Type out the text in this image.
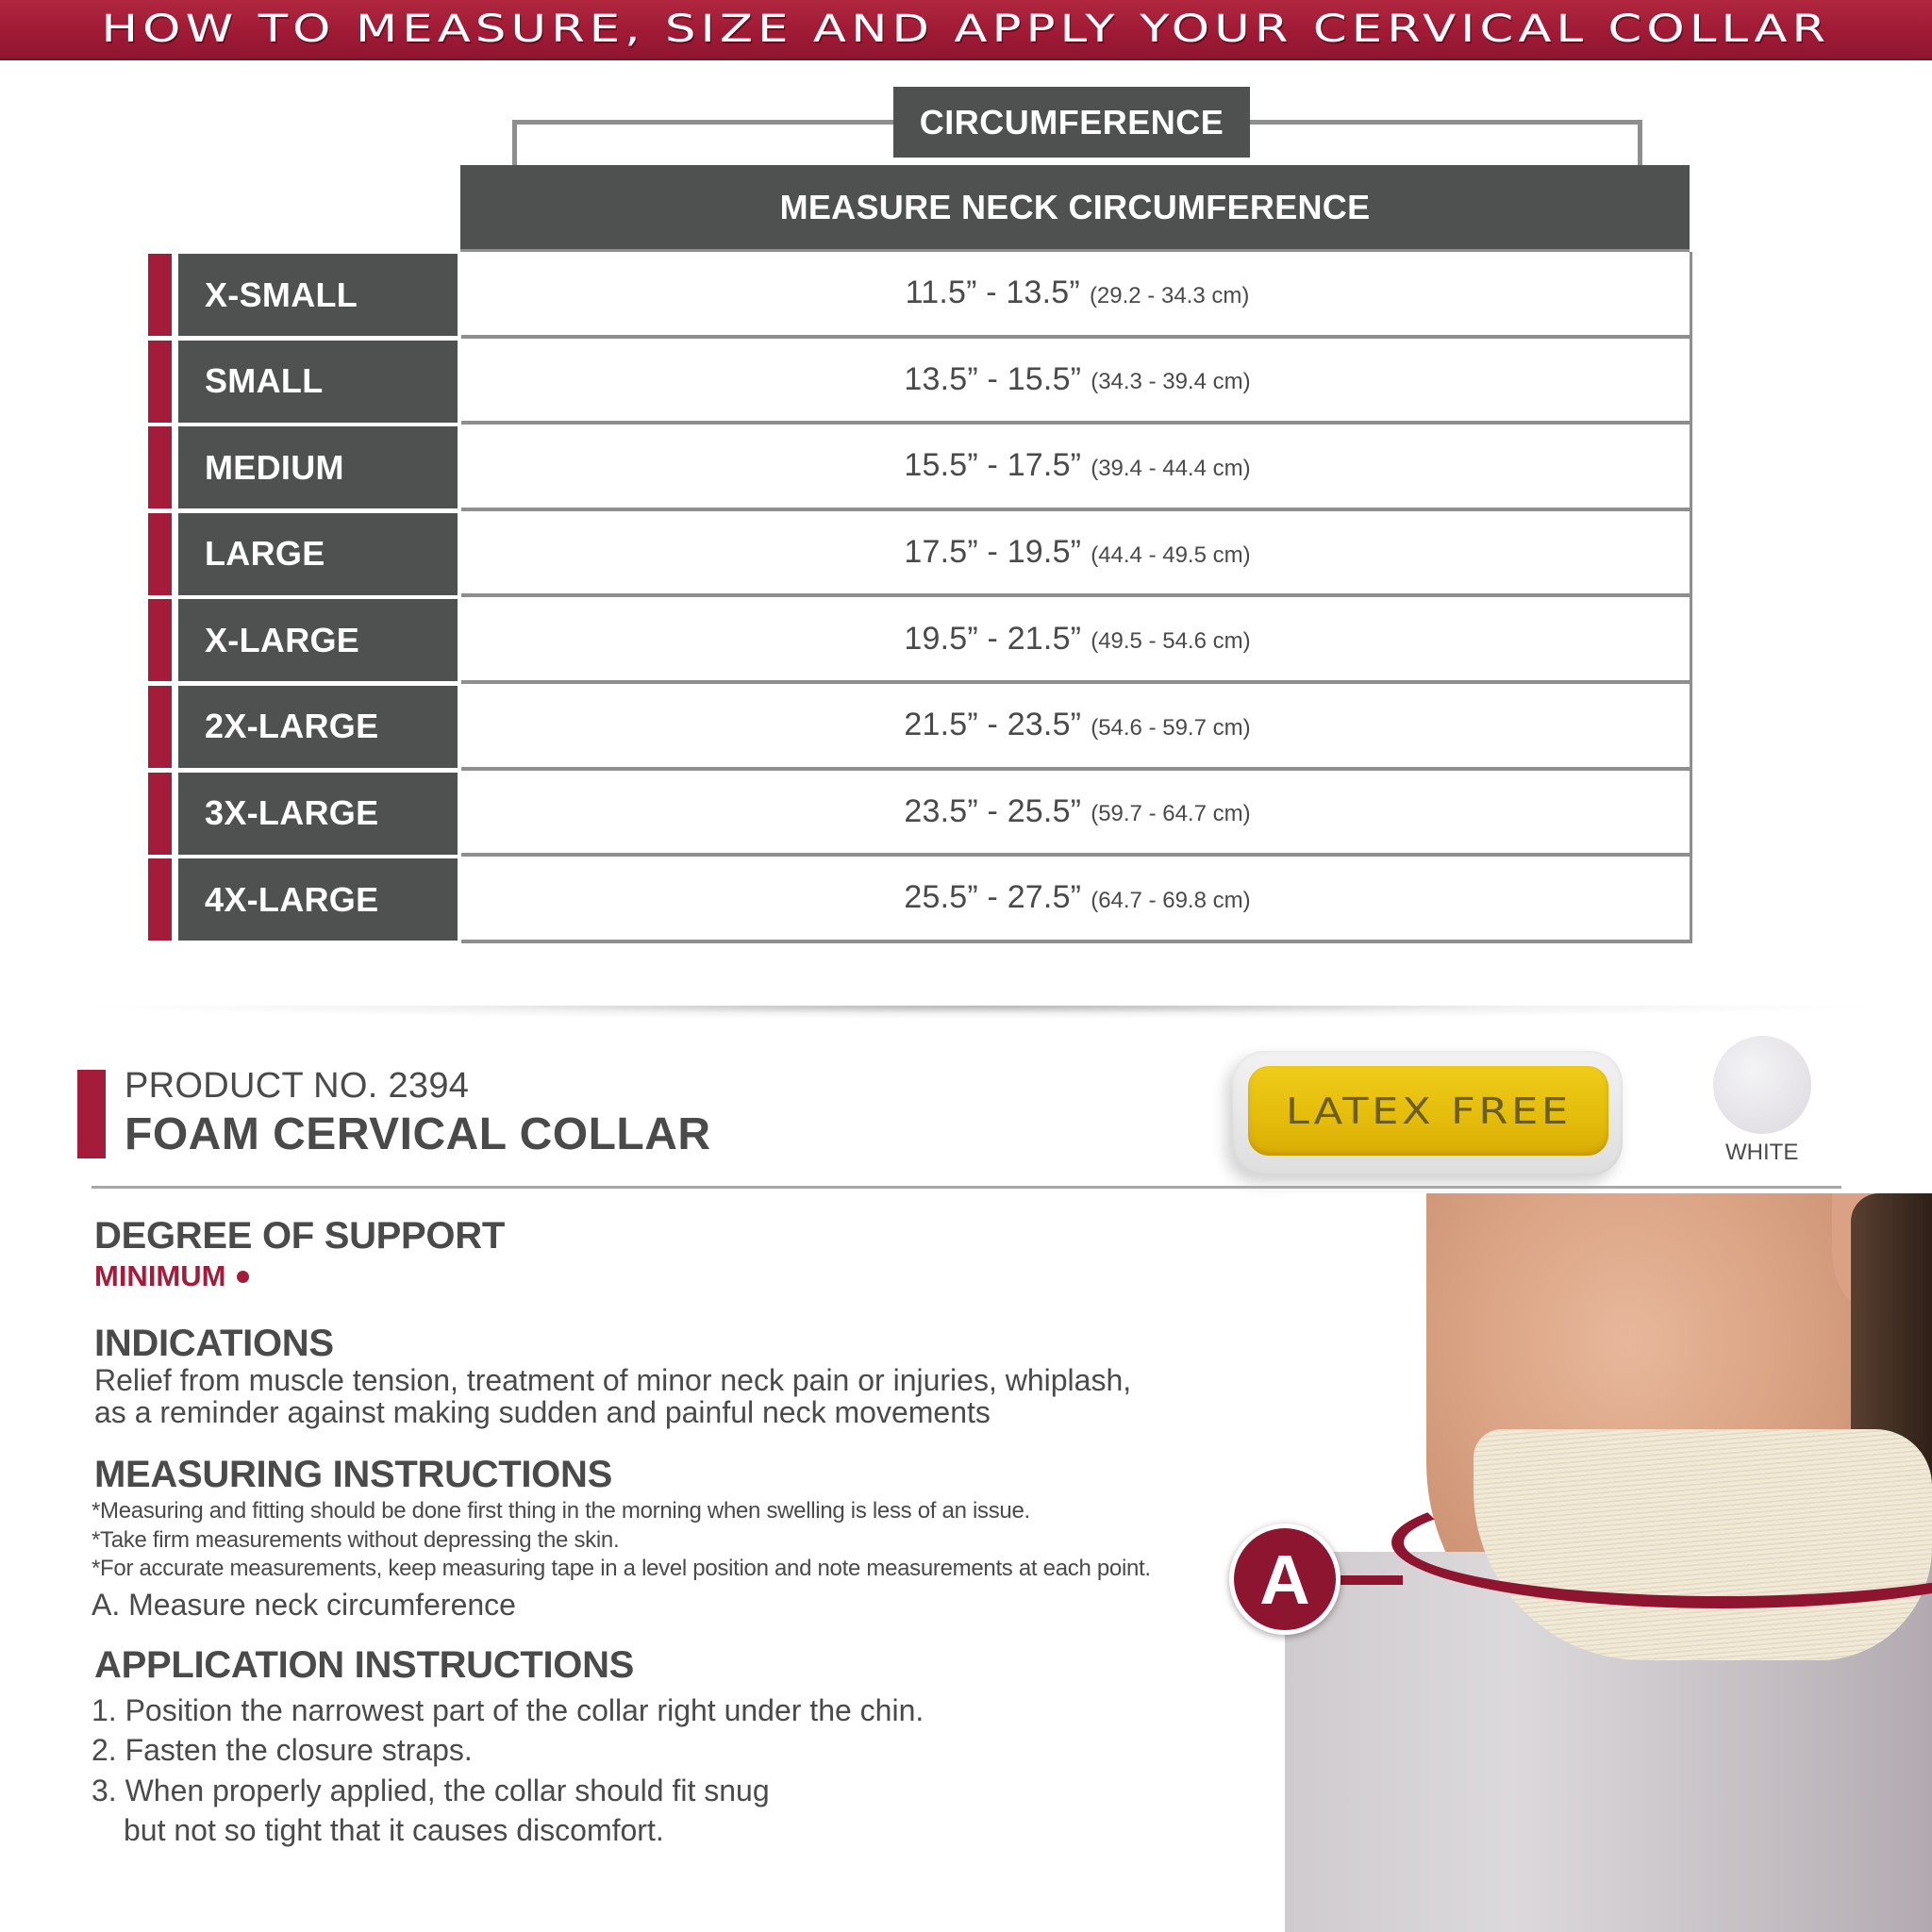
HOW TO MEASURE, SIZE AND APPLY YOUR CERVICAL COLLAR
CIRCUMFERENCE
MEASURE NECK CIRCUMFERENCE
X-SMALL	11.5” - 13.5” (29.2 - 34.3 cm)
SMALL	13.5” - 15.5” (34.3 - 39.4 cm)
MEDIUM	15.5” - 17.5” (39.4 - 44.4 cm)
LARGE	17.5” - 19.5” (44.4 - 49.5 cm)
X-LARGE	19.5” - 21.5” (49.5 - 54.6 cm)
2X-LARGE	21.5” - 23.5” (54.6 - 59.7 cm)
3X-LARGE	23.5” - 25.5” (59.7 - 64.7 cm)
4X-LARGE	25.5” - 27.5” (64.7 - 69.8 cm)
PRODUCT NO. 2394
FOAM CERVICAL COLLAR	LATEX FREE
WHITE
DEGREE OF SUPPORT
MINIMUM
INDICATIONS
Relief from muscle tension, treatment of minor neck pain or injuries, whiplash,
as a reminder against making sudden and painful neck movements
MEASURING INSTRUCTIONS
*Measuring and fitting should be done first thing in the morning when swelling is less of an issue.
*Take firm measurements without depressing the skin.
*For accurate measurements, keep measuring tape in a level position and note measurements at each point.
A. Measure neck circumference
APPLICATION INSTRUCTIONS
1. Position the narrowest part of the collar right under the chin.
2. Fasten the closure straps.
3. When properly applied, the collar should fit snug
but not so tight that it causes discomfort.
A
